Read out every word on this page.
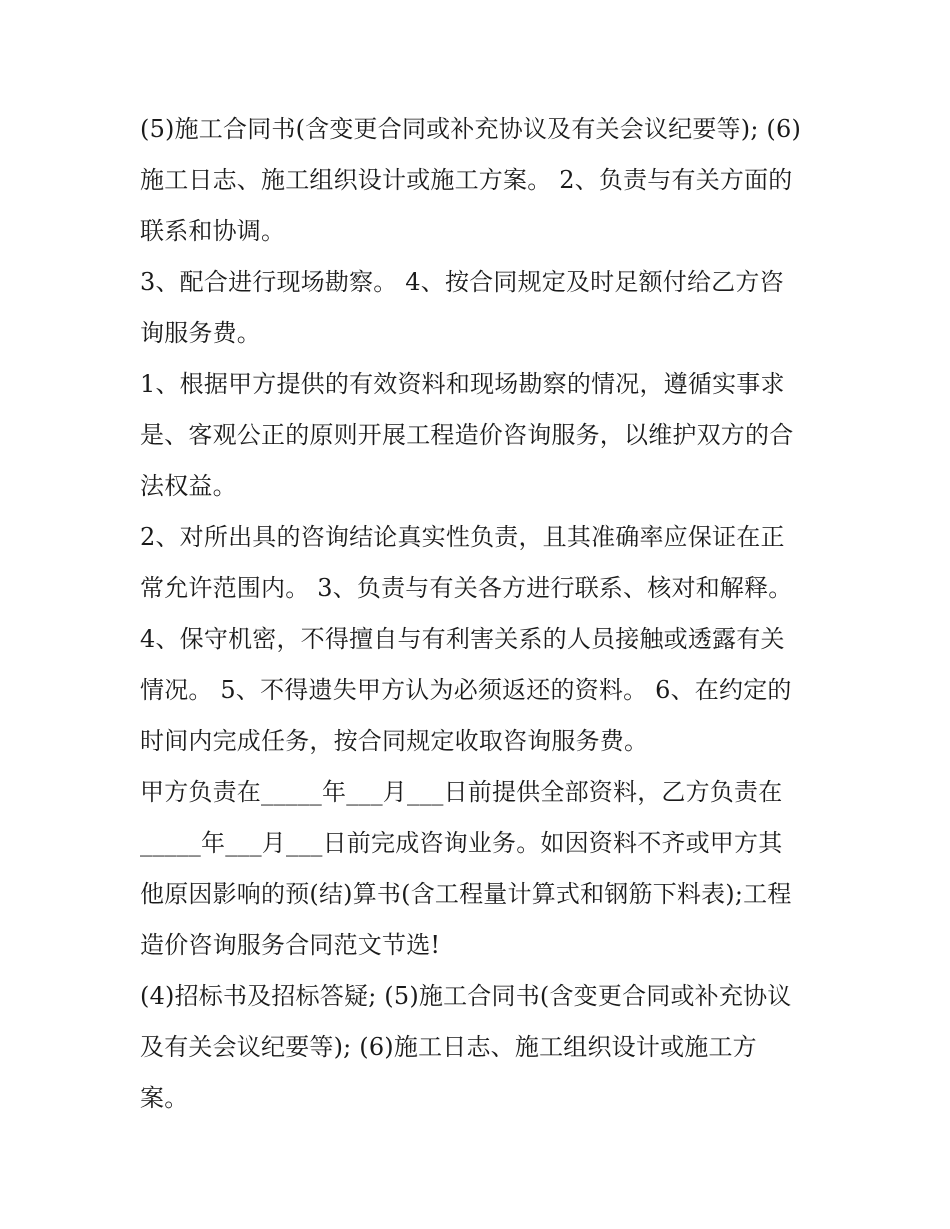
(5)施工合同书(含变更合同或补充协议及有关会议纪要等); (6)
施工日志、施工组织设计或施工方案。 2、负责与有关方面的
联系和协调。
3、配合进行现场勘察。 4、按合同规定及时足额付给乙方咨
询服务费。
1、根据甲方提供的有效资料和现场勘察的情况，遵循实事求
是、客观公正的原则开展工程造价咨询服务，以维护双方的合
法权益。
2、对所出具的咨询结论真实性负责，且其准确率应保证在正
常允许范围内。 3、负责与有关各方进行联系、核对和解释。
4、保守机密，不得擅自与有利害关系的人员接触或透露有关
情况。 5、不得遗失甲方认为必须返还的资料。 6、在约定的
时间内完成任务，按合同规定收取咨询服务费。
甲方负责在_____年___月___日前提供全部资料，乙方负责在
_____年___月___日前完成咨询业务。如因资料不齐或甲方其
他原因影响的预(结)算书(含工程量计算式和钢筋下料表);工程
造价咨询服务合同范文节选!
(4)招标书及招标答疑; (5)施工合同书(含变更合同或补充协议
及有关会议纪要等); (6)施工日志、施工组织设计或施工方
案。
